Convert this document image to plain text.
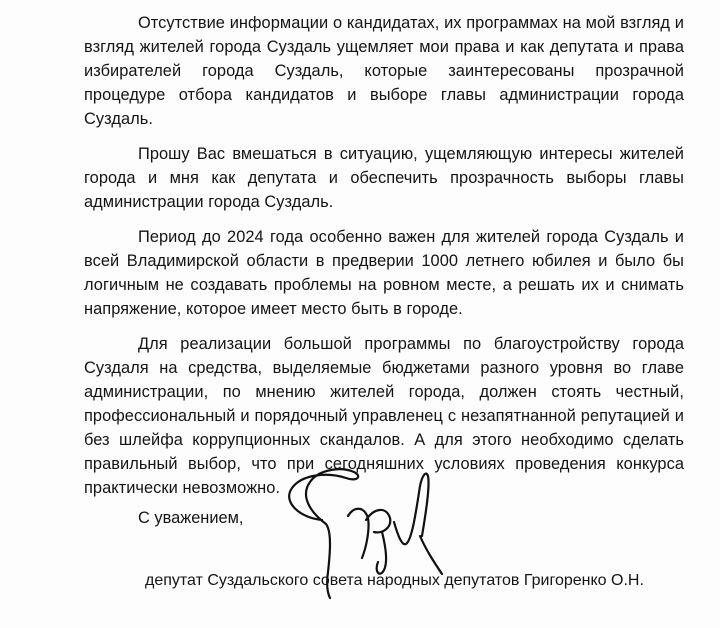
Отсутствие информации о кандидатах, их программах на мой взгляд и взгляд жителей города Суздаль ущемляет мои права и как депутата и права избирателей города Суздаль, которые заинтересованы прозрачной процедуре отбора кандидатов и выборе главы администрации города Суздаль.

Прошу Вас вмешаться в ситуацию, ущемляющую интересы жителей города и мня как депутата и обеспечить прозрачность выборы главы администрации города Суздаль.

Период до 2024 года особенно важен для жителей города Суздаль и всей Владимирской области в предверии 1000 летнего юбилея и было бы логичным не создавать проблемы на ровном месте, а решать их и снимать напряжение, которое имеет место быть в городе.

Для реализации большой программы по благоустройству города Суздаля на средства, выделяемые бюджетами разного уровня во главе администрации, по мнению жителей города, должен стоять честный, профессиональный и порядочный управленец с незапятнанной репутацией и без шлейфа коррупционных скандалов. А для этого необходимо сделать правильный выбор, что при сегодняшних условиях проведения конкурса практически невозможно.

С уважением,
депутат Суздальского совета народных депутатов Григоренко О.Н.
